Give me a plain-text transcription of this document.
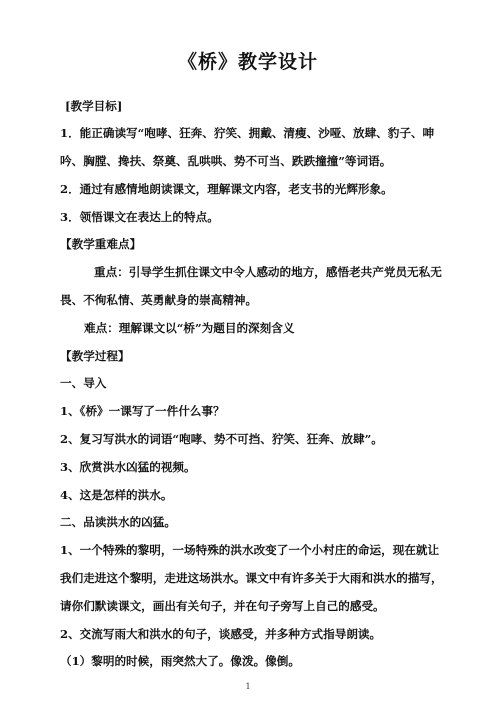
《桥》教学设计
[教学目标]
1．能正确读写“咆哮、狂奔、狞笑、拥戴、清瘦、沙哑、放肆、豹子、呻
吟、胸膛、搀扶、祭奠、乱哄哄、势不可当、跌跌撞撞”等词语。
2．通过有感情地朗读课文，理解课文内容，老支书的光辉形象。
3．领悟课文在表达上的特点。
【教学重难点】
重点：引导学生抓住课文中令人感动的地方，感悟老共产党员无私无
畏、不徇私情、英勇献身的崇高精神。
难点：理解课文以“桥”为题目的深刻含义
【教学过程】
一、导入
1、《桥》一课写了一件什么事？
2、复习写洪水的词语“咆哮、势不可挡、狞笑、狂奔、放肆”。
3、欣赏洪水凶猛的视频。
4、这是怎样的洪水。
二、品读洪水的凶猛。
1、一个特殊的黎明，一场特殊的洪水改变了一个小村庄的命运，现在就让
我们走进这个黎明，走进这场洪水。课文中有许多关于大雨和洪水的描写，
请你们默读课文，画出有关句子，并在句子旁写上自己的感受。
2、交流写雨大和洪水的句子，谈感受，并多种方式指导朗读。
（1）黎明的时候，雨突然大了。像泼。像倒。
1
